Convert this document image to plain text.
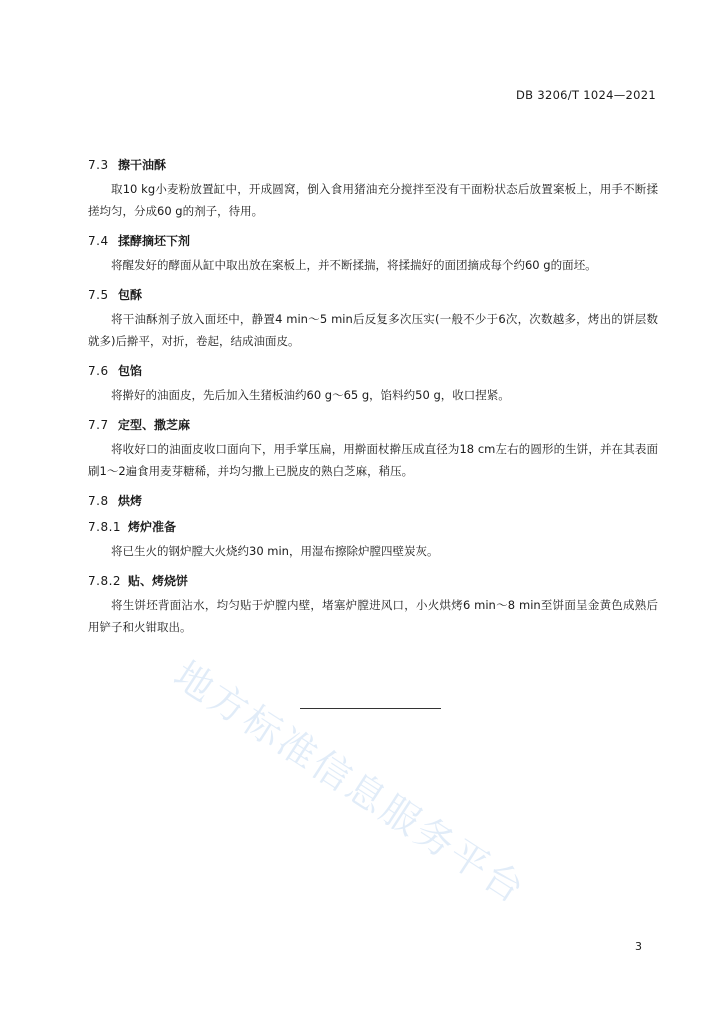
DB 3206/T 1024—2021
7.3 擦干油酥
取10 kg小麦粉放置缸中，开成圆窝，倒入食用猪油充分搅拌至没有干面粉状态后放置案板上，用手不断揉搓均匀，分成60 g的剂子，待用。
7.4 揉酵摘坯下剂
将醒发好的酵面从缸中取出放在案板上，并不断揉揣，将揉揣好的面团摘成每个约60 g的面坯。
7.5 包酥
将干油酥剂子放入面坯中，静置4 min～5 min后反复多次压实(一般不少于6次，次数越多，烤出的饼层数就多)后擀平，对折，卷起，结成油面皮。
7.6 包馅
将擀好的油面皮，先后加入生猪板油约60 g～65 g，馅料约50 g，收口捏紧。
7.7 定型、撒芝麻
将收好口的油面皮收口面向下，用手掌压扁，用擀面杖擀压成直径为18 cm左右的圆形的生饼，并在其表面刷1～2遍食用麦芽糖稀，并均匀撒上已脱皮的熟白芝麻，稍压。
7.8 烘烤
7.8.1 烤炉准备
将已生火的钢炉膛大火烧约30 min，用湿布擦除炉膛四壁炭灰。
7.8.2 贴、烤烧饼
将生饼坯背面沾水，均匀贴于炉膛内壁，堵塞炉膛进风口，小火烘烤6 min～8 min至饼面呈金黄色成熟后用铲子和火钳取出。
地方标准信息服务平台
3
